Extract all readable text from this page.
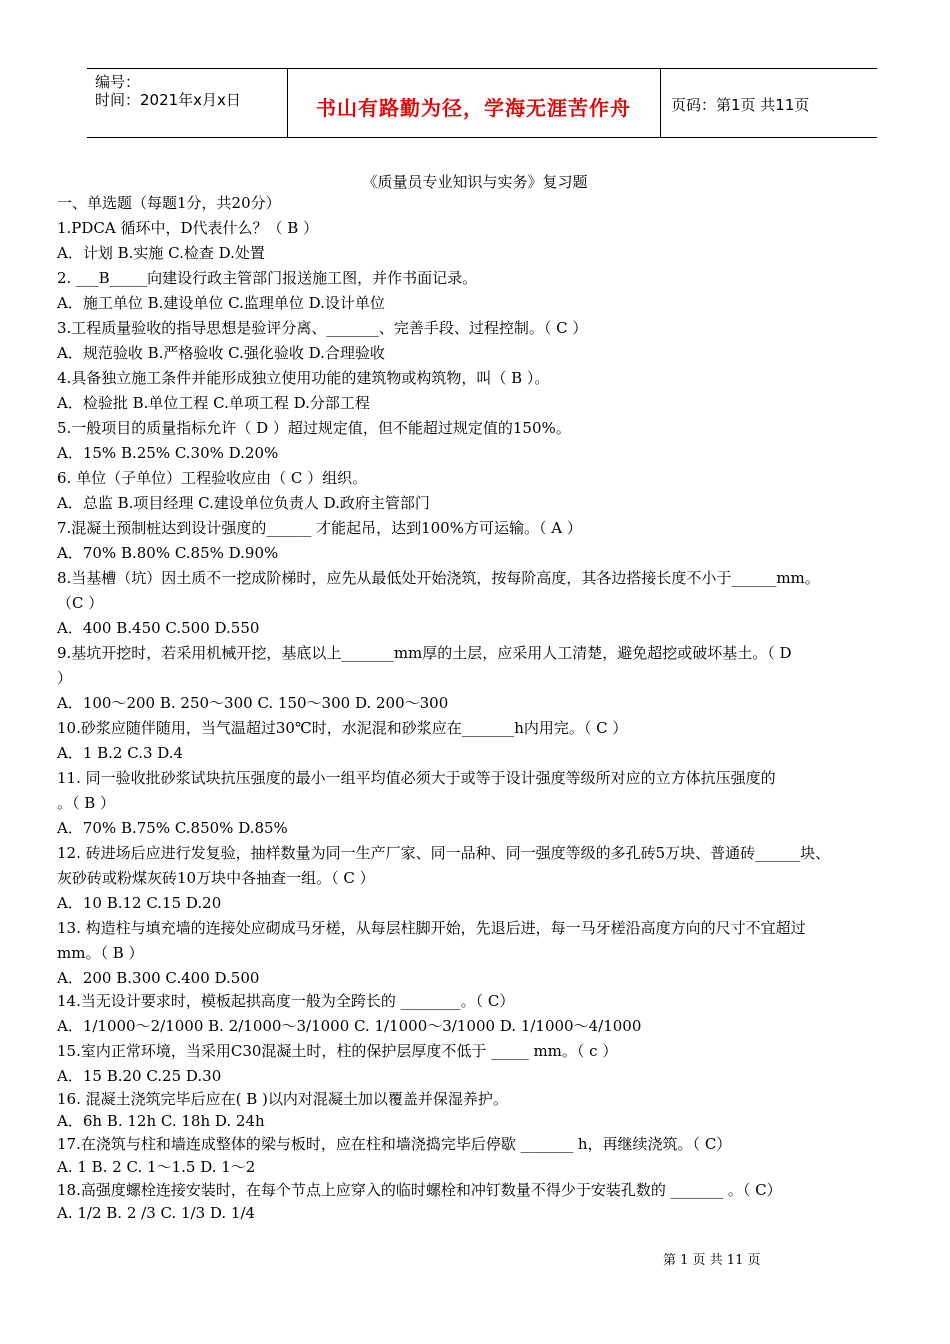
编号：
时间：2021年x月x日	书山有路勤为径，学海无涯苦作舟	页码：第1页 共11页
《质量员专业知识与实务》复习题
一、单选题（每题1分，共20分）
1.PDCA 循环中，D代表什么？（ B ）
A．计划 B.实施 C.检查 D.处置
2. ___B_____向建设行政主管部门报送施工图，并作书面记录。
A．施工单位 B.建设单位 C.监理单位 D.设计单位
3.工程质量验收的指导思想是验评分离、_______、完善手段、过程控制。（ C ）
A．规范验收 B.严格验收 C.强化验收 D.合理验收
4.具备独立施工条件并能形成独立使用功能的建筑物或构筑物，叫（ B ）。
A．检验批 B.单位工程 C.单项工程 D.分部工程
5.一般项目的质量指标允许（ D ）超过规定值，但不能超过规定值的150%。
A．15% B.25% C.30% D.20%
6. 单位（子单位）工程验收应由（ C ）组织。
A．总监 B.项目经理 C.建设单位负责人 D.政府主管部门
7.混凝土预制桩达到设计强度的______ 才能起吊，达到100%方可运输。（ A ）
A．70% B.80% C.85% D.90%
8.当基槽（坑）因土质不一挖成阶梯时，应先从最低处开始浇筑，按每阶高度，其各边搭接长度不小于______mm。
（C ）
A．400 B.450 C.500 D.550
9.基坑开挖时，若采用机械开挖，基底以上_______mm厚的土层，应采用人工清楚，避免超挖或破坏基土。（ D
）
A．100～200 B. 250～300 C. 150～300 D. 200～300
10.砂浆应随伴随用，当气温超过30℃时，水泥混和砂浆应在_______h内用完。（ C ）
A．1 B.2 C.3 D.4
11. 同一验收批砂浆试块抗压强度的最小一组平均值必须大于或等于设计强度等级所对应的立方体抗压强度的
。（ B ）
A．70% B.75% C.850% D.85%
12. 砖进场后应进行发复验，抽样数量为同一生产厂家、同一品种、同一强度等级的多孔砖5万块、普通砖______块、
灰砂砖或粉煤灰砖10万块中各抽查一组。（ C ）
A．10 B.12 C.15 D.20
13. 构造柱与填充墙的连接处应砌成马牙槎，从每层柱脚开始，先退后进，每一马牙槎沿高度方向的尺寸不宜超过
mm。（ B ）
A．200 B.300 C.400 D.500
14.当无设计要求时，模板起拱高度一般为全跨长的 ________。（ C）
A．1/1000～2/1000 B. 2/1000～3/1000 C. 1/1000～3/1000 D. 1/1000～4/1000
15.室内正常环境，当采用C30混凝土时，柱的保护层厚度不低于 _____ mm。（ c ）
A．15 B.20 C.25 D.30
16. 混凝土浇筑完毕后应在( B )以内对混凝土加以覆盖并保湿养护。
A．6h B. 12h C. 18h D. 24h
17.在浇筑与柱和墙连成整体的梁与板时，应在柱和墙浇捣完毕后停歇 _______ h，再继续浇筑。（ C）
A. 1 B. 2 C. 1～1.5 D. 1～2
18.高强度螺栓连接安装时，在每个节点上应穿入的临时螺栓和冲钉数量不得少于安装孔数的 _______ 。（ C）
A. 1/2 B. 2 /3 C. 1/3 D. 1/4
第 1 页 共 11 页
